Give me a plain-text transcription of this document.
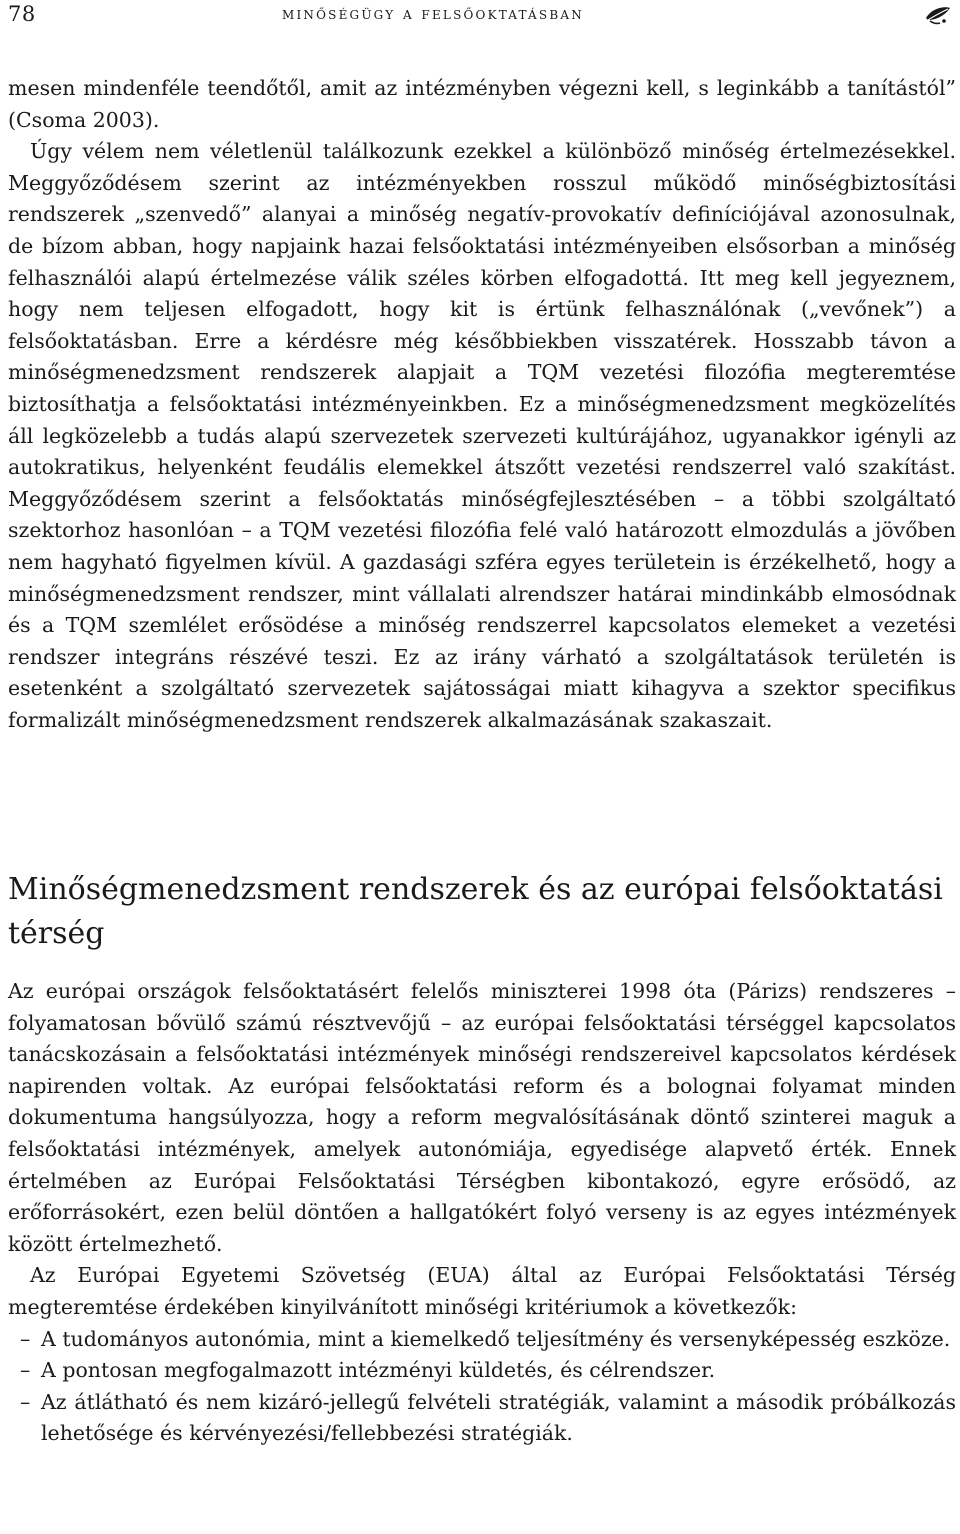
78	minőségügy a felsőoktatásban

mesen mindenféle teendőtől, amit az intézményben végezni kell, s leginkább a tanítástól” (Csoma 2003).

Úgy vélem nem véletlenül találkozunk ezekkel a különböző minőség értelmezésekkel. Meggyőződésem szerint az intézményekben rosszul működő minőségbiztosítási rendszerek „szenvedő” alanyai a minőség negatív-provokatív definíciójával azonosulnak, de bízom abban, hogy napjaink hazai felsőoktatási intézményeiben elsősorban a minőség felhasználói alapú értelmezése válik széles körben elfogadottá. Itt meg kell jegyeznem, hogy nem teljesen elfogadott, hogy kit is értünk felhasználónak („vevőnek”) a felsőoktatásban. Erre a kérdésre még későbbiekben visszatérek. Hosszabb távon a minőségmenedzsment rendszerek alapjait a TQM vezetési filozófia megteremtése biztosíthatja a felsőoktatási intézményeinkben. Ez a minőségmenedzsment megközelítés áll legközelebb a tudás alapú szervezetek szervezeti kultúrájához, ugyanakkor igényli az autokratikus, helyenként feudális elemekkel átszőtt vezetési rendszerrel való szakítást. Meggyőződésem szerint a felsőoktatás minőségfejlesztésében – a többi szolgáltató szektorhoz hasonlóan – a TQM vezetési filozófia felé való határozott elmozdulás a jövőben nem hagyható figyelmen kívül. A gazdasági szféra egyes területein is érzékelhető, hogy a minőségmenedzsment rendszer, mint vállalati alrendszer határai mindinkább elmosódnak és a TQM szemlélet erősödése a minőség rendszerrel kapcsolatos elemeket a vezetési rendszer integráns részévé teszi. Ez az irány várható a szolgáltatások területén is esetenként a szolgáltató szervezetek sajátosságai miatt kihagyva a szektor specifikus formalizált minőségmenedzsment rendszerek alkalmazásának szakaszait.

Minőségmenedzsment rendszerek és az európai felsőoktatási térség

Az európai országok felsőoktatásért felelős miniszterei 1998 óta (Párizs) rendszeres – folyamatosan bővülő számú résztvevőjű – az európai felsőoktatási térséggel kapcsolatos tanácskozásain a felsőoktatási intézmények minőségi rendszereivel kapcsolatos kérdések napirenden voltak. Az európai felsőoktatási reform és a bolognai folyamat minden dokumentuma hangsúlyozza, hogy a reform megvalósításának döntő szinterei maguk a felsőoktatási intézmények, amelyek autonómiája, egyedisége alapvető érték. Ennek értelmében az Európai Felsőoktatási Térségben kibontakozó, egyre erősödő, az erőforrásokért, ezen belül döntően a hallgatókért folyó verseny is az egyes intézmények között értelmezhető.

Az Európai Egyetemi Szövetség (EUA) által az Európai Felsőoktatási Térség megteremtése érdekében kinyilvánított minőségi kritériumok a következők:

– A tudományos autonómia, mint a kiemelkedő teljesítmény és versenyképesség eszköze.
– A pontosan megfogalmazott intézményi küldetés, és célrendszer.
– Az átlátható és nem kizáró-jellegű felvételi stratégiák, valamint a második próbálkozás lehetősége és kérvényezési/fellebbezési stratégiák.
